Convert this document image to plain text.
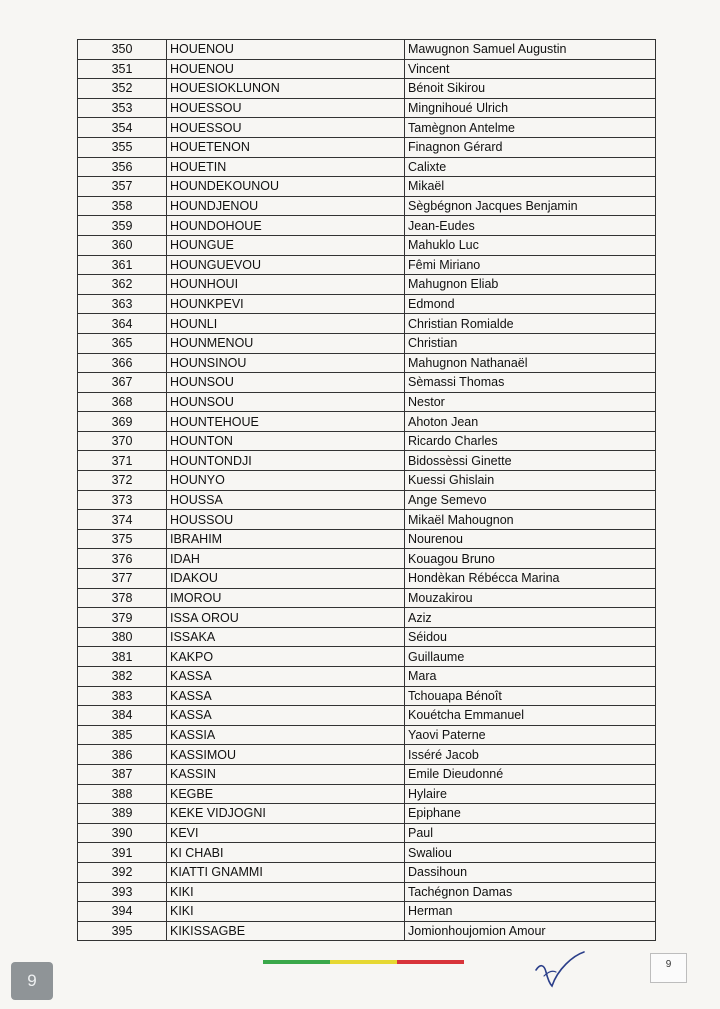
350	HOUENOU	Mawugnon Samuel Augustin
351	HOUENOU	Vincent
352	HOUESIOKLUNON	Bénoit Sikirou
353	HOUESSOU	Mingnihoué Ulrich
354	HOUESSOU	Tamègnon Antelme
355	HOUETENON	Finagnon Gérard
356	HOUETIN	Calixte
357	HOUNDEKOUNOU	Mikaël
358	HOUNDJENOU	Sègbégnon Jacques Benjamin
359	HOUNDOHOUE	Jean-Eudes
360	HOUNGUE	Mahuklo Luc
361	HOUNGUEVOU	Fêmi Miriano
362	HOUNHOUI	Mahugnon Eliab
363	HOUNKPEVI	Edmond
364	HOUNLI	Christian Romialde
365	HOUNMENOU	Christian
366	HOUNSINOU	Mahugnon Nathanaël
367	HOUNSOU	Sèmassi Thomas
368	HOUNSOU	Nestor
369	HOUNTEHOUE	Ahoton Jean
370	HOUNTON	Ricardo Charles
371	HOUNTONDJI	Bidossèssi Ginette
372	HOUNYO	Kuessi Ghislain
373	HOUSSA	Ange Semevo
374	HOUSSOU	Mikaël Mahougnon
375	IBRAHIM	Nourenou
376	IDAH	Kouagou Bruno
377	IDAKOU	Hondèkan Rébécca Marina
378	IMOROU	Mouzakirou
379	ISSA OROU	Aziz
380	ISSAKA	Séidou
381	KAKPO	Guillaume
382	KASSA	Mara
383	KASSA	Tchouapa Bénoît
384	KASSA	Kouétcha Emmanuel
385	KASSIA	Yaovi Paterne
386	KASSIMOU	Isséré Jacob
387	KASSIN	Emile Dieudonné
388	KEGBE	Hylaire
389	KEKE VIDJOGNI	Epiphane
390	KEVI	Paul
391	KI CHABI	Swaliou
392	KIATTI GNAMMI	Dassihoun
393	KIKI	Tachégnon Damas
394	KIKI	Herman
395	KIKISSAGBE	Jomionhoujomion Amour
9
9
